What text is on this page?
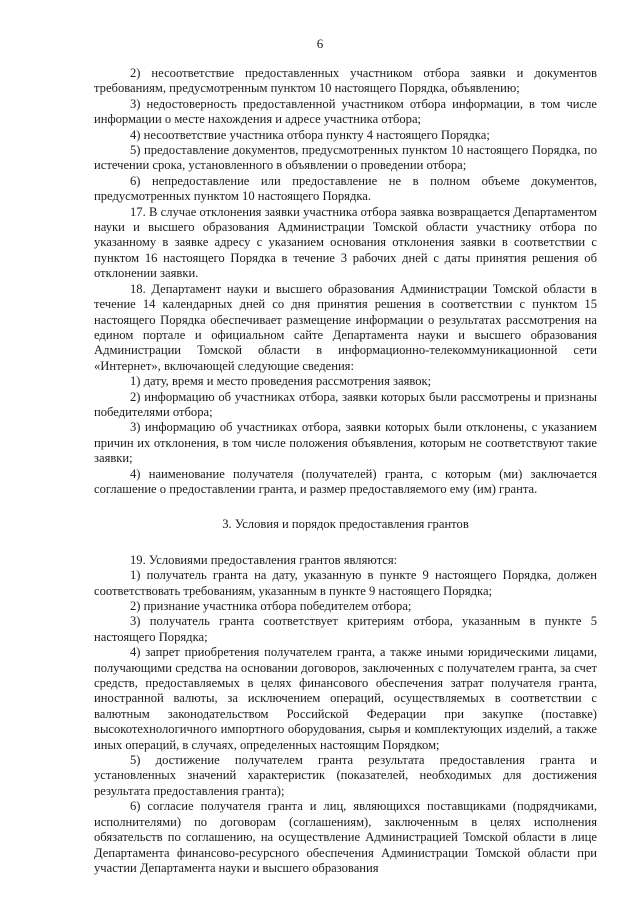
6

2) несоответствие предоставленных участником отбора заявки и документов требованиям, предусмотренным пунктом 10 настоящего Порядка, объявлению;

3) недостоверность предоставленной участником отбора информации, в том числе информации о месте нахождения и адресе участника отбора;

4) несоответствие участника отбора пункту 4 настоящего Порядка;

5) предоставление документов, предусмотренных пунктом 10 настоящего Порядка, по истечении срока, установленного в объявлении о проведении отбора;

6) непредоставление или предоставление не в полном объеме документов, предусмотренных пунктом 10 настоящего Порядка.

17. В случае отклонения заявки участника отбора заявка возвращается Департаментом науки и высшего образования Администрации Томской области участнику отбора по указанному в заявке адресу с указанием основания отклонения заявки в соответствии с пунктом 16 настоящего Порядка в течение 3 рабочих дней с даты принятия решения об отклонении заявки.

18. Департамент науки и высшего образования Администрации Томской области в течение 14 календарных дней со дня принятия решения в соответствии с пунктом 15 настоящего Порядка обеспечивает размещение информации о результатах рассмотрения на едином портале и официальном сайте Департамента науки и высшего образования Администрации Томской области в информационно-телекоммуникационной сети «Интернет», включающей следующие сведения:

1) дату, время и место проведения рассмотрения заявок;

2) информацию об участниках отбора, заявки которых были рассмотрены и признаны победителями отбора;

3) информацию об участниках отбора, заявки которых были отклонены, с указанием причин их отклонения, в том числе положения объявления, которым не соответствуют такие заявки;

4) наименование получателя (получателей) гранта, с которым (ми) заключается соглашение о предоставлении гранта, и размер предоставляемого ему (им) гранта.

3. Условия и порядок предоставления грантов

19. Условиями предоставления грантов являются:

1) получатель гранта на дату, указанную в пункте 9 настоящего Порядка, должен соответствовать требованиям, указанным в пункте 9 настоящего Порядка;

2) признание участника отбора победителем отбора;

3) получатель гранта соответствует критериям отбора, указанным в пункте 5 настоящего Порядка;

4) запрет приобретения получателем гранта, а также иными юридическими лицами, получающими средства на основании договоров, заключенных с получателем гранта, за счет средств, предоставляемых в целях финансового обеспечения затрат получателя гранта, иностранной валюты, за исключением операций, осуществляемых в соответствии с валютным законодательством Российской Федерации при закупке (поставке) высокотехнологичного импортного оборудования, сырья и комплектующих изделий, а также иных операций, в случаях, определенных настоящим Порядком;

5) достижение получателем гранта результата предоставления гранта и установленных значений характеристик (показателей, необходимых для достижения результата предоставления гранта);

6) согласие получателя гранта и лиц, являющихся поставщиками (подрядчиками, исполнителями) по договорам (соглашениям), заключенным в целях исполнения обязательств по соглашению, на осуществление Администрацией Томской области в лице Департамента финансово-ресурсного обеспечения Администрации Томской области при участии Департамента науки и высшего образования
